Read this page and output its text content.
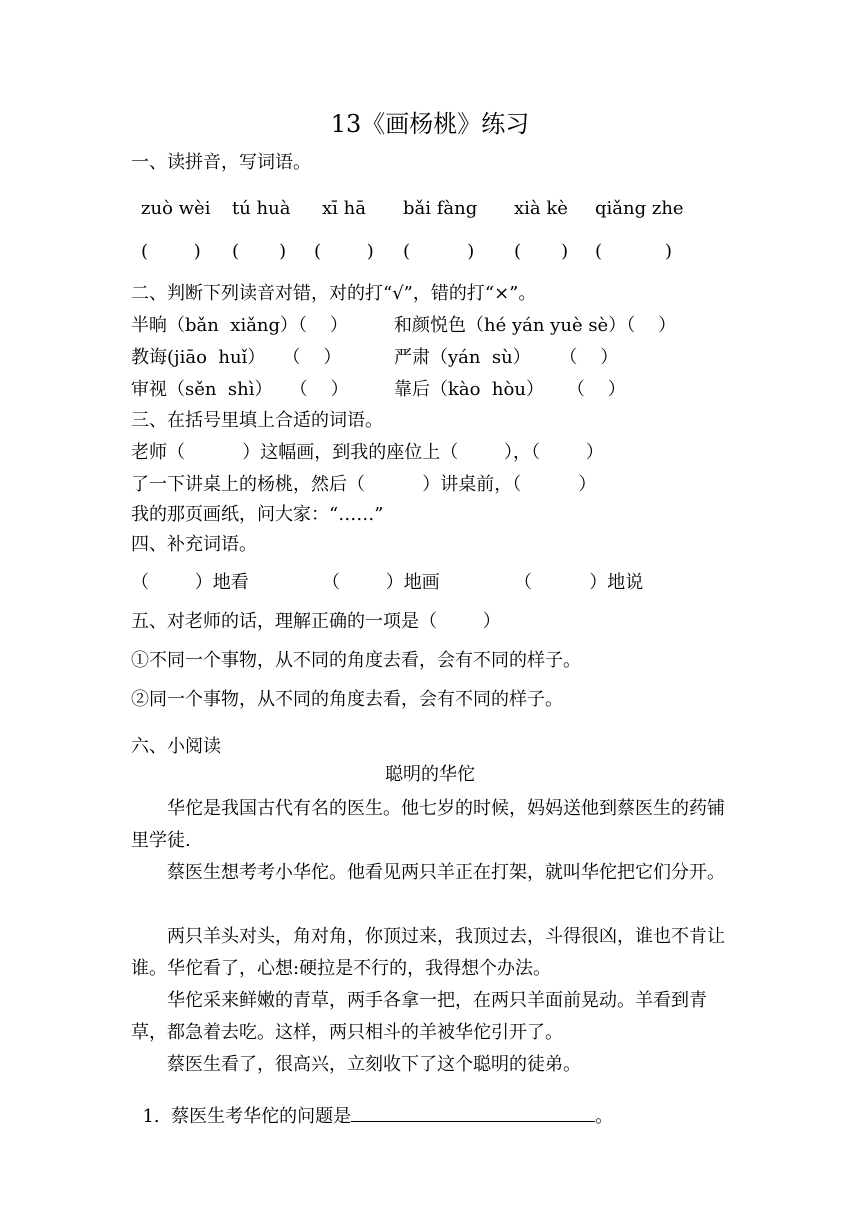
13《画杨桃》练习
一、读拼音，写词语。
zuò wèi tú huà xī hā bǎi fàng xià kè qiǎng zhe
(        ) (       ) (        ) (          ) (       ) (           )
二、判断下列读音对错，对的打“√”，错的打“×”。
半晌（bǎn  xiǎng）（    ）	和颜悦色（hé yán yuè sè）（    ）
教诲(jiāo  huǐ）   （    ）	严肃（yán  sù）     （    ）
审视（sěn  shì）   （    ）	靠后（kào  hòu）    （    ）
三、在括号里填上合适的词语。
老师（          ）这幅画，到我的座位上（        ），（        ）
了一下讲桌上的杨桃，然后（          ）讲桌前，（          ）
我的那页画纸，问大家：“……”
四、补充词语。
（        ）地看	（        ）地画	（          ）地说
五、对老师的话，理解正确的一项是（        ）
①不同一个事物，从不同的角度去看，会有不同的样子。
②同一个事物，从不同的角度去看，会有不同的样子。
六、小阅读
聪明的华佗
华佗是我国古代有名的医生。他七岁的时候，妈妈送他到蔡医生的药铺里学徒.
蔡医生想考考小华佗。他看见两只羊正在打架，就叫华佗把它们分开。
两只羊头对头，角对角，你顶过来，我顶过去，斗得很凶，谁也不肯让谁。华佗看了，心想:硬拉是不行的，我得想个办法。
华佗采来鲜嫩的青草，两手各拿一把，在两只羊面前晃动。羊看到青草，都急着去吃。这样，两只相斗的羊被华佗引开了。
蔡医生看了，很高兴，立刻收下了这个聪明的徒弟。

1.  蔡医生考华佗的问题是	。
